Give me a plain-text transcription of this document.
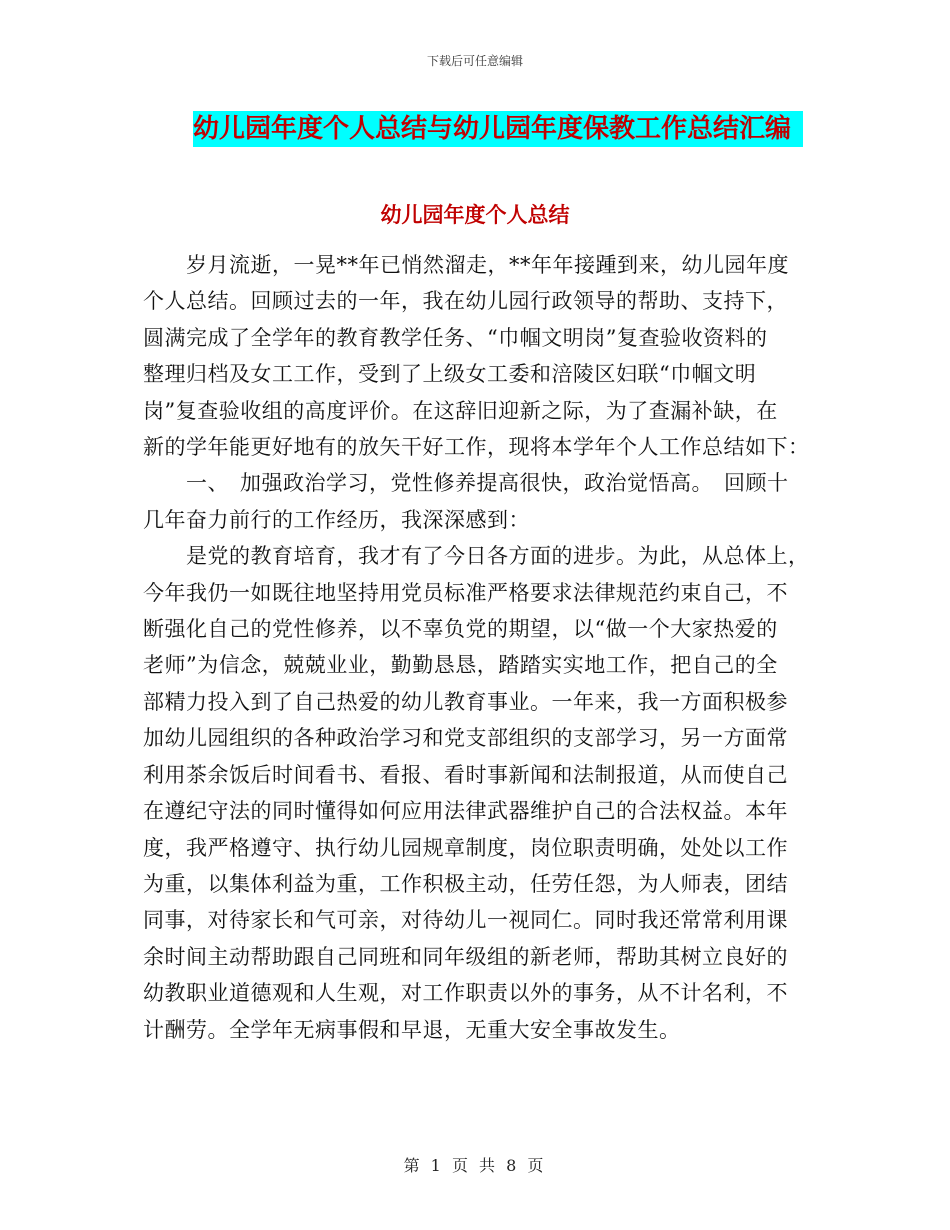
下载后可任意编辑
幼儿园年度个人总结与幼儿园年度保教工作总结汇编
幼儿园年度个人总结
　　岁月流逝，一晃**年已悄然溜走，**年年接踵到来，幼儿园年度
个人总结。回顾过去的一年，我在幼儿园行政领导的帮助、支持下，
圆满完成了全学年的教育教学任务、“巾帼文明岗”复查验收资料的
整理归档及女工工作，受到了上级女工委和涪陵区妇联“巾帼文明
岗”复查验收组的高度评价。在这辞旧迎新之际，为了查漏补缺，在
新的学年能更好地有的放矢干好工作，现将本学年个人工作总结如下：
　　一、　加强政治学习，党性修养提高很快，政治觉悟高。　回顾十
几年奋力前行的工作经历，我深深感到：
　　是党的教育培育，我才有了今日各方面的进步。为此，从总体上，
今年我仍一如既往地坚持用党员标准严格要求法律规范约束自己，不
断强化自己的党性修养，以不辜负党的期望，以“做一个大家热爱的
老师”为信念，兢兢业业，勤勤恳恳，踏踏实实地工作，把自己的全
部精力投入到了自己热爱的幼儿教育事业。一年来，我一方面积极参
加幼儿园组织的各种政治学习和党支部组织的支部学习，另一方面常
利用茶余饭后时间看书、看报、看时事新闻和法制报道，从而使自己
在遵纪守法的同时懂得如何应用法律武器维护自己的合法权益。本年
度，我严格遵守、执行幼儿园规章制度，岗位职责明确，处处以工作
为重，以集体利益为重，工作积极主动，任劳任怨，为人师表，团结
同事，对待家长和气可亲，对待幼儿一视同仁。同时我还常常利用课
余时间主动帮助跟自己同班和同年级组的新老师，帮助其树立良好的
幼教职业道德观和人生观，对工作职责以外的事务，从不计名利，不
计酬劳。全学年无病事假和早退，无重大安全事故发生。
第 1 页 共 8 页
